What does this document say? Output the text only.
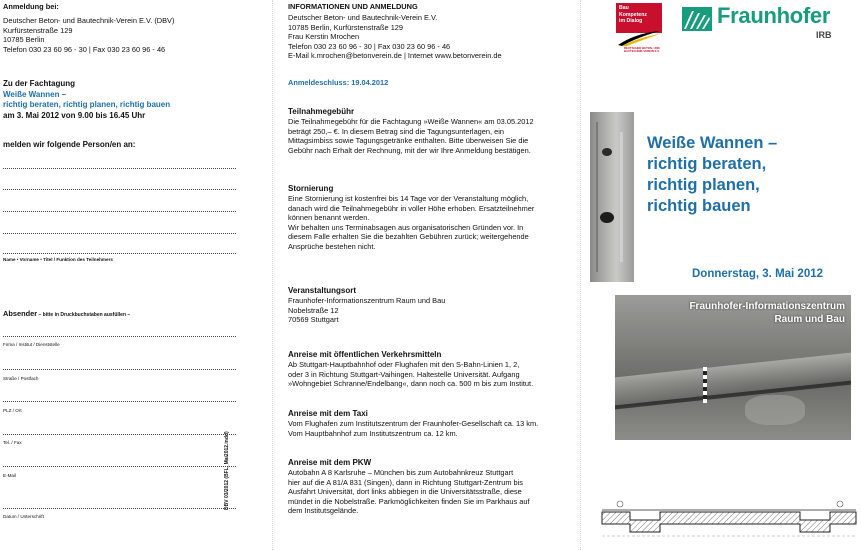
Anmeldung bei:
Deutscher Beton- und Bautechnik-Verein E.V. (DBV)
Kurfürstenstraße 129
10785 Berlin
Telefon 030 23 60 96 - 30 | Fax 030 23 60 96 - 46
Zu der Fachtagung
Weiße Wannen –
richtig beraten, richtig planen, richtig bauen
am 3. Mai 2012 von 9.00 bis 16.45 Uhr
melden wir folgende Person/en an:
Name • Vorname • Titel / Funktion des Teilnehmers
Absender – bitte in Druckbuchstaben ausfüllen –
Firma / Institut / Dienststelle
Straße / Postfach
PLZ / Ort
Tel. / Fax
E-Mail
Datum / Unterschrift
DBV 03/2012 (BFL_Mai2012.indd)
INFORMATIONEN UND ANMELDUNG
Deutscher Beton- und Bautechnik-Verein E.V.
10785 Berlin, Kurfürstenstraße 129
Frau Kerstin Mrochen
Telefon 030 23 60 96 - 30 | Fax 030 23 60 96 - 46
E-Mail k.mrochen@betonverein.de | Internet www.betonverein.de
Anmeldeschluss: 19.04.2012
Teilnahmegebühr
Die Teilnahmegebühr für die Fachtagung »Weiße Wannen« am 03.05.2012
beträgt 250,– €. In diesem Betrag sind die Tagungsunterlagen, ein
Mittagsimbiss sowie Tagungsgetränke enthalten. Bitte überweisen Sie die
Gebühr nach Erhalt der Rechnung, mit der wir Ihre Anmeldung bestätigen.
Stornierung
Eine Stornierung ist kostenfrei bis 14 Tage vor der Veranstaltung möglich,
danach wird die Teilnahmegebühr in voller Höhe erhoben. Ersatzteilnehmer
können benannt werden.
Wir behalten uns Terminabsagen aus organisatorischen Gründen vor. In
diesem Falle erhalten Sie die bezahlten Gebühren zurück; weitergehende
Ansprüche bestehen nicht.
Veranstaltungsort
Fraunhofer-Informationszentrum Raum und Bau
Nobelstraße 12
70569 Stuttgart
Anreise mit öffentlichen Verkehrsmitteln
Ab Stuttgart-Hauptbahnhof oder Flughafen mit den S-Bahn-Linien 1, 2,
oder 3 in Richtung Stuttgart-Vaihingen. Haltestelle Universität. Aufgang
»Wohngebiet Schranne/Endelbang«, dann noch ca. 500 m bis zum Institut.
Anreise mit dem Taxi
Vom Flughafen zum Institutszentrum der Fraunhofer-Gesellschaft ca. 13 km.
Vom Hauptbahnhof zum Institutszentrum ca. 12 km.
Anreise mit dem PKW
Autobahn A 8 Karlsruhe – München bis zum Autobahnkreuz Stuttgart
hier auf die A 81/A 831 (Singen), dann in Richtung Stuttgart-Zentrum bis
Ausfahrt Universität, dort links abbiegen in die Universitätsstraße, diese
mündet in die Nobelstraße. Parkmöglichkeiten finden Sie im Parkhaus auf
dem Institutsgelände.
Bau
Kompetenz
im Dialog
DEUTSCHER BETON- UND
BAUTECHNIK-VEREIN E.V.
Fraunhofer
IRB
Weiße Wannen –
richtig beraten,
richtig planen,
richtig bauen
Donnerstag, 3. Mai 2012
Fraunhofer-Informationszentrum
Raum und Bau
